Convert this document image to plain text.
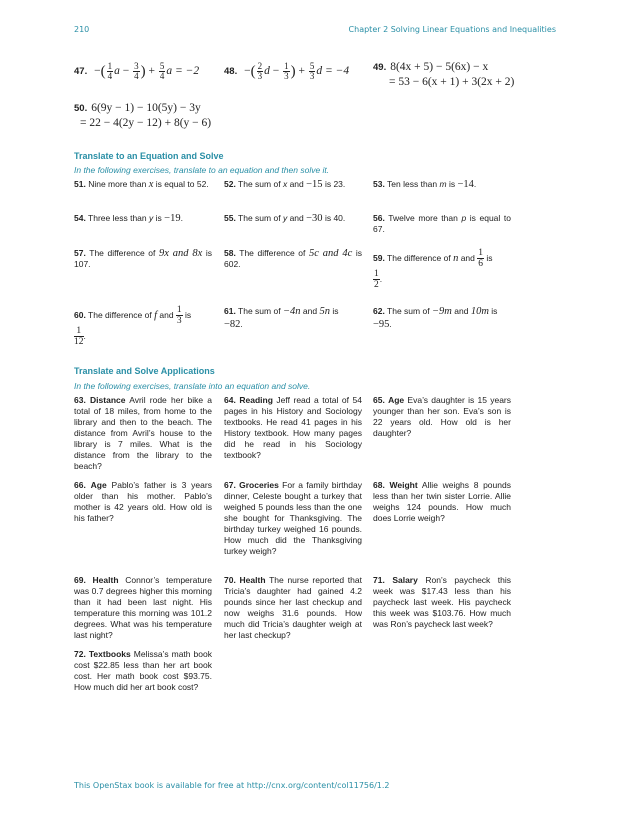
210	Chapter 2 Solving Linear Equations and Inequalities
47. −( $\frac{1}{4}$ $a - \frac{3}{4}$ ) + $\frac{5}{4}$ a = −2	48. −( $\frac{2}{3}$ $d - \frac{1}{3}$ ) + $\frac{5}{3}$ d = −4	49. 8(4x + 5) − 5(6x) − x
= 53 − 6(x + 1) + 3(2x + 2)
50. 6(9y − 1) − 10(5y) − 3y
= 22 − 4(2y − 12) + 8(y − 6)
Translate to an Equation and Solve
In the following exercises, translate to an equation and then solve it.
51. Nine more than x is equal to 52.	52. The sum of x and −15 is 23.	53. Ten less than m is −14.
54. Three less than y is −19.	55. The sum of y and −30 is 40.	56. Twelve more than p is equal to 67.
57. The difference of 9x and 8x is 107.
58. The difference of 5c and 4c is 602.
59. The difference of n and $\frac{1}{6}$ is

$\frac{1}{2}$ .
60. The difference of f and $\frac{1}{3}$ is

$\frac{1}{12}$ .
61. The sum of −4n and 5n is
−82.
62. The sum of −9m and 10m is
−95.
Translate and Solve Applications
In the following exercises, translate into an equation and solve.
63. Distance Avril rode her bike a total of 18 miles, from home to the library and then to the beach. The distance from Avril’s house to the library is 7 miles. What is the distance from the library to the beach?
64. Reading Jeff read a total of 54 pages in his History and Sociology textbooks. He read 41 pages in his History textbook. How many pages did he read in his Sociology textbook?
65. Age Eva’s daughter is 15 years younger than her son. Eva’s son is 22 years old. How old is her daughter?
66. Age Pablo’s father is 3 years older than his mother. Pablo’s mother is 42 years old. How old is his father?
67. Groceries For a family birthday dinner, Celeste bought a turkey that weighed 5 pounds less than the one she bought for Thanksgiving. The birthday turkey weighed 16 pounds. How much did the Thanksgiving turkey weigh?
68. Weight Allie weighs 8 pounds less than her twin sister Lorrie. Allie weighs 124 pounds. How much does Lorrie weigh?
69. Health Connor’s temperature was 0.7 degrees higher this morning than it had been last night. His temperature this morning was 101.2 degrees. What was his temperature last night?
70. Health The nurse reported that Tricia’s daughter had gained 4.2 pounds since her last checkup and now weighs 31.6 pounds. How much did Tricia’s daughter weigh at her last checkup?
71. Salary Ron’s paycheck this week was $17.43 less than his paycheck last week. His paycheck this week was $103.76. How much was Ron’s paycheck last week?
72. Textbooks Melissa’s math book cost $22.85 less than her art book cost. Her math book cost $93.75. How much did her art book cost?
This OpenStax book is available for free at http://cnx.org/content/col11756/1.2
